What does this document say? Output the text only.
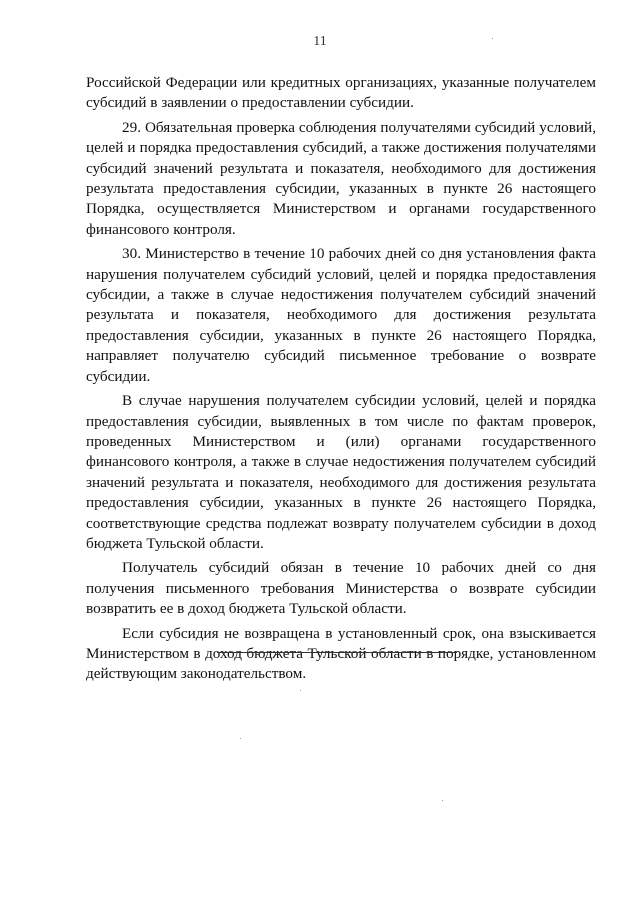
11

Российской Федерации или кредитных организациях, указанные получателем субсидий в заявлении о предоставлении субсидии.

29. Обязательная проверка соблюдения получателями субсидий условий, целей и порядка предоставления субсидий, а также достижения получателями субсидий значений результата и показателя, необходимого для достижения результата предоставления субсидии, указанных в пункте 26 настоящего Порядка, осуществляется Министерством и органами государственного финансового контроля.

30. Министерство в течение 10 рабочих дней со дня установления факта нарушения получателем субсидий условий, целей и порядка предоставления субсидии, а также в случае недостижения получателем субсидий значений результата и показателя, необходимого для достижения результата предоставления субсидии, указанных в пункте 26 настоящего Порядка, направляет получателю субсидий письменное требование о возврате субсидии.

В случае нарушения получателем субсидии условий, целей и порядка предоставления субсидии, выявленных в том числе по фактам проверок, проведенных Министерством и (или) органами государственного финансового контроля, а также в случае недостижения получателем субсидий значений результата и показателя, необходимого для достижения результата предоставления субсидии, указанных в пункте 26 настоящего Порядка, соответствующие средства подлежат возврату получателем субсидии в доход бюджета Тульской области.

Получатель субсидий обязан в течение 10 рабочих дней со дня получения письменного требования Министерства о возврате субсидии возвратить ее в доход бюджета Тульской области.

Если субсидия не возвращена в установленный срок, она взыскивается Министерством в доход бюджета Тульской области в порядке, установленном действующим законодательством.
